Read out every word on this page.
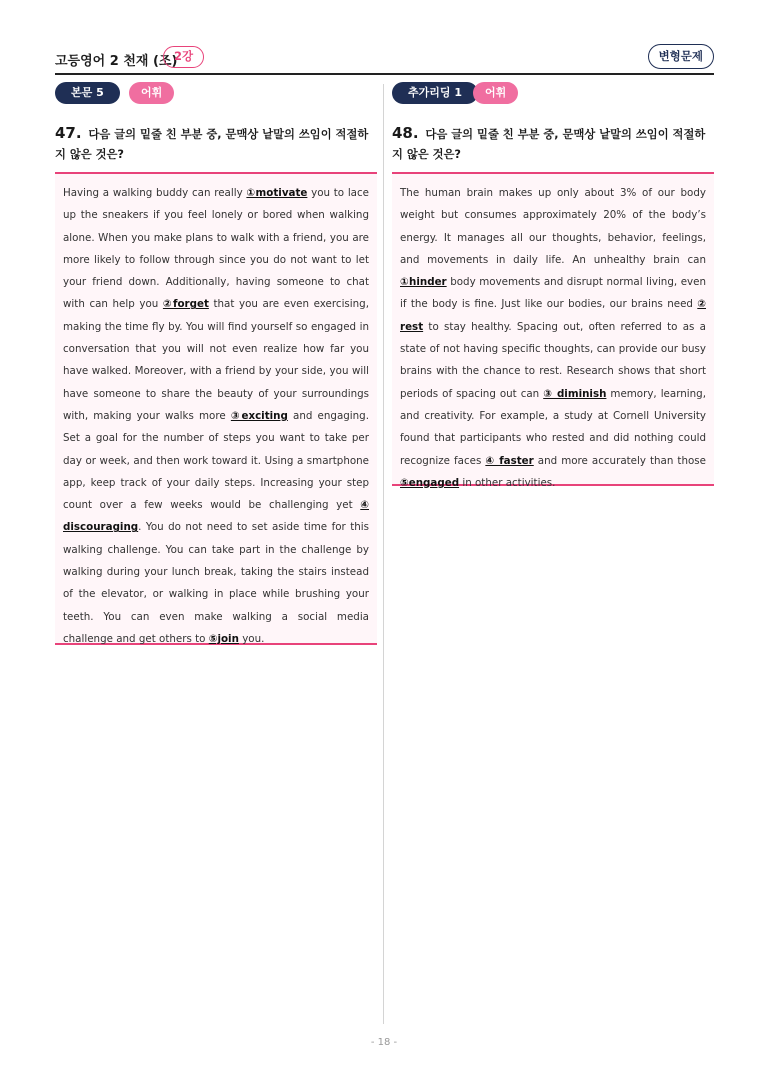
고등영어 2 천재 (조)
2강	변형문제
본문 5	어휘
47. 다음 글의 밑줄 친 부분 중, 문맥상 낱말의 쓰임이 적절하지 않은 것은?
Having a walking buddy can really ①motivate you to lace up the sneakers if you feel lonely or bored when walking alone. When you make plans to walk with a friend, you are more likely to follow through since you do not want to let your friend down. Additionally, having someone to chat with can help you ②forget that you are even exercising, making the time fly by. You will find yourself so engaged in conversation that you will not even realize how far you have walked. Moreover, with a friend by your side, you will have someone to share the beauty of your surroundings with, making your walks more ③exciting and engaging. Set a goal for the number of steps you want to take per day or week, and then work toward it. Using a smartphone app, keep track of your daily steps. Increasing your step count over a few weeks would be challenging yet ④ discouraging. You do not need to set aside time for this walking challenge. You can take part in the challenge by walking during your lunch break, taking the stairs instead of the elevator, or walking in place while brushing your teeth. You can even make walking a social media challenge and get others to ⑤join you.
추가리딩 1	어휘
48. 다음 글의 밑줄 친 부분 중, 문맥상 낱말의 쓰임이 적절하지 않은 것은?
The human brain makes up only about 3% of our body weight but consumes approximately 20% of the body’s energy. It manages all our thoughts, behavior, feelings, and movements in daily life. An unhealthy brain can ①hinder body movements and disrupt normal living, even if the body is fine. Just like our bodies, our brains need ② rest to stay healthy. Spacing out, often referred to as a state of not having specific thoughts, can provide our busy brains with the chance to rest. Research shows that short periods of spacing out can ③ diminish memory, learning, and creativity. For example, a study at Cornell University found that participants who rested and did nothing could recognize faces ④ faster and more accurately than those ⑤engaged in other activities.
- 18 -
